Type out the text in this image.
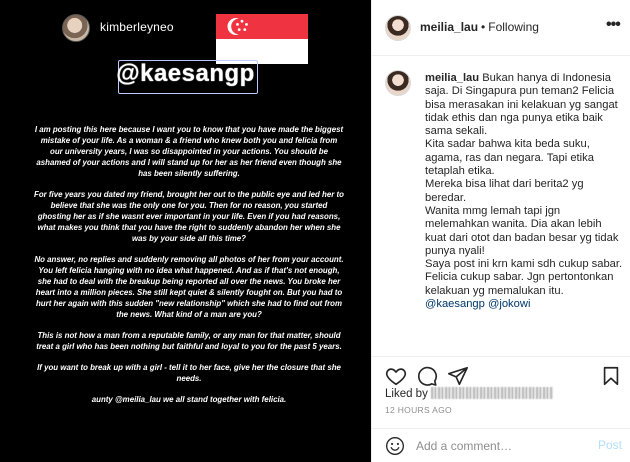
kimberleyneo
@kaesangp

I am posting this here because I want you to know that you have made the biggest mistake of your life. As a woman & a friend who knew both you and felicia from our university years, I was so disappointed in your actions. You should be ashamed of your actions and I will stand up for her as her friend even though she has been silently suffering.

For five years you dated my friend, brought her out to the public eye and led her to believe that she was the only one for you. Then for no reason, you started ghosting her as if she wasnt ever important in your life. Even if you had reasons, what makes you think that you have the right to suddenly abandon her when she was by your side all this time?

No answer, no replies and suddenly removing all photos of her from your account. You left felicia hanging with no idea what happened. And as if that's not enough, she had to deal with the breakup being reported all over the news. You broke her heart into a million pieces. She still kept quiet & silently fought on. But you had to hurt her again with this sudden "new relationship" which she had to find out from the news. What kind of a man are you?

This is not how a man from a reputable family, or any man for that matter, should treat a girl who has been nothing but faithful and loyal to you for the past 5 years.

If you want to break up with a girl - tell it to her face, give her the closure that she needs.

aunty @meilia_lau we all stand together with felicia.

meilia_lau • Following	•••
meilia_lau Bukan hanya di Indonesia saja. Di Singapura pun teman2 Felicia bisa merasakan ini kelakuan yg sangat tidak ethis dan nga punya etika baik sama sekali.
Kita sadar bahwa kita beda suku, agama, ras dan negara. Tapi etika tetaplah etika.
Mereka bisa lihat dari berita2 yg beredar.
Wanita mmg lemah tapi jgn melemahkan wanita. Dia akan lebih kuat dari otot dan badan besar yg tidak punya nyali!
Saya post ini krn kami sdh cukup sabar. Felicia cukup sabar. Jgn pertontonkan kelakuan yg memalukan itu.
@kaesangp @jokowi
Liked by
12 HOURS AGO
Add a comment…
Post
